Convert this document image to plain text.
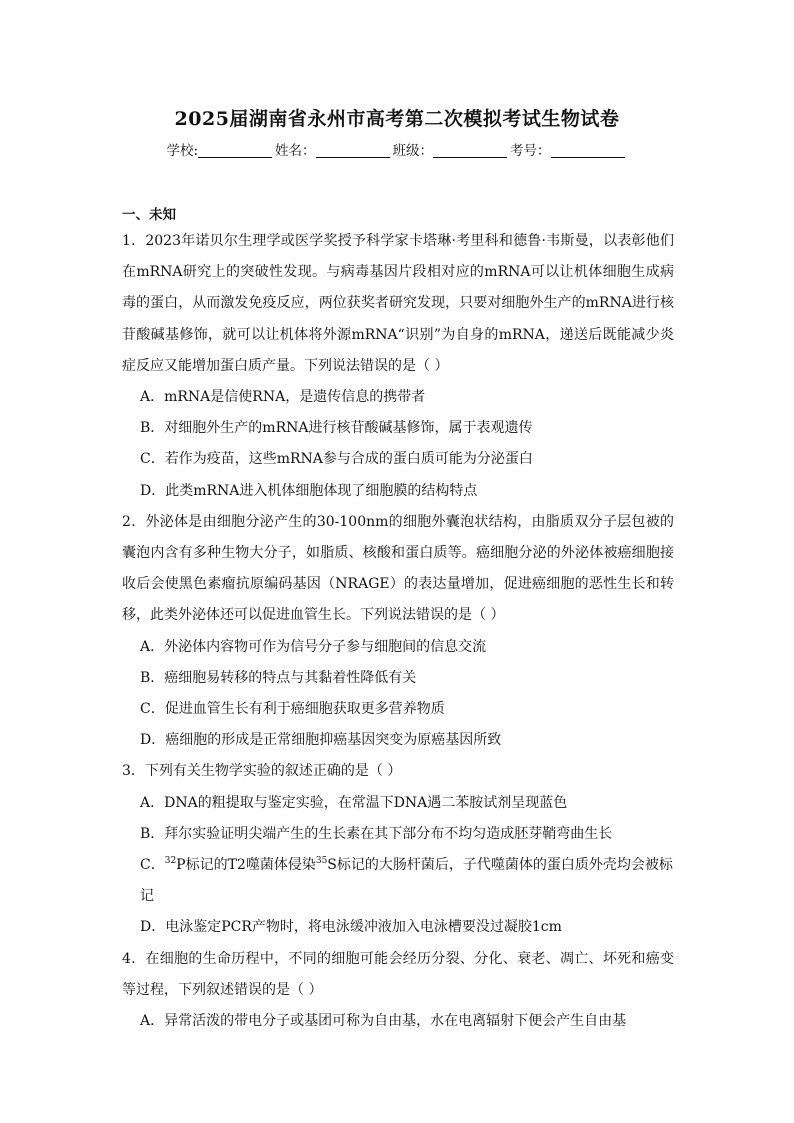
2025届湖南省永州市高考第二次模拟考试生物试卷
学校:	姓名：	班级：	考号：
一、未知

1．2023年诺贝尔生理学或医学奖授予科学家卡塔琳·考里科和德鲁·韦斯曼，以表彰他们在mRNA研究上的突破性发现。与病毒基因片段相对应的mRNA可以让机体细胞生成病毒的蛋白，从而激发免疫反应，两位获奖者研究发现，只要对细胞外生产的mRNA进行核苷酸碱基修饰，就可以让机体将外源mRNA“识别”为自身的mRNA，递送后既能减少炎症反应又能增加蛋白质产量。下列说法错误的是（ ）

A．mRNA是信使RNA，是遗传信息的携带者

B．对细胞外生产的mRNA进行核苷酸碱基修饰，属于表观遗传

C．若作为疫苗，这些mRNA参与合成的蛋白质可能为分泌蛋白

D．此类mRNA进入机体细胞体现了细胞膜的结构特点

2．外泌体是由细胞分泌产生的30-100nm的细胞外囊泡状结构，由脂质双分子层包被的囊泡内含有多种生物大分子，如脂质、核酸和蛋白质等。癌细胞分泌的外泌体被癌细胞接收后会使黑色素瘤抗原编码基因（NRAGE）的表达量增加，促进癌细胞的恶性生长和转移，此类外泌体还可以促进血管生长。下列说法错误的是（ ）

A．外泌体内容物可作为信号分子参与细胞间的信息交流

B．癌细胞易转移的特点与其黏着性降低有关

C．促进血管生长有利于癌细胞获取更多营养物质

D．癌细胞的形成是正常细胞抑癌基因突变为原癌基因所致

3．下列有关生物学实验的叙述正确的是（ ）

A．DNA的粗提取与鉴定实验，在常温下DNA遇二苯胺试剂呈现蓝色

B．拜尔实验证明尖端产生的生长素在其下部分布不均匀造成胚芽鞘弯曲生长

C．$^{32}$P标记的T2噬菌体侵染$^{35}$S标记的大肠杆菌后，子代噬菌体的蛋白质外壳均会被标记

D．电泳鉴定PCR产物时，将电泳缓冲液加入电泳槽要没过凝胶1cm

4．在细胞的生命历程中，不同的细胞可能会经历分裂、分化、衰老、凋亡、坏死和癌变等过程，下列叙述错误的是（ ）

A．异常活泼的带电分子或基团可称为自由基，水在电离辐射下便会产生自由基
